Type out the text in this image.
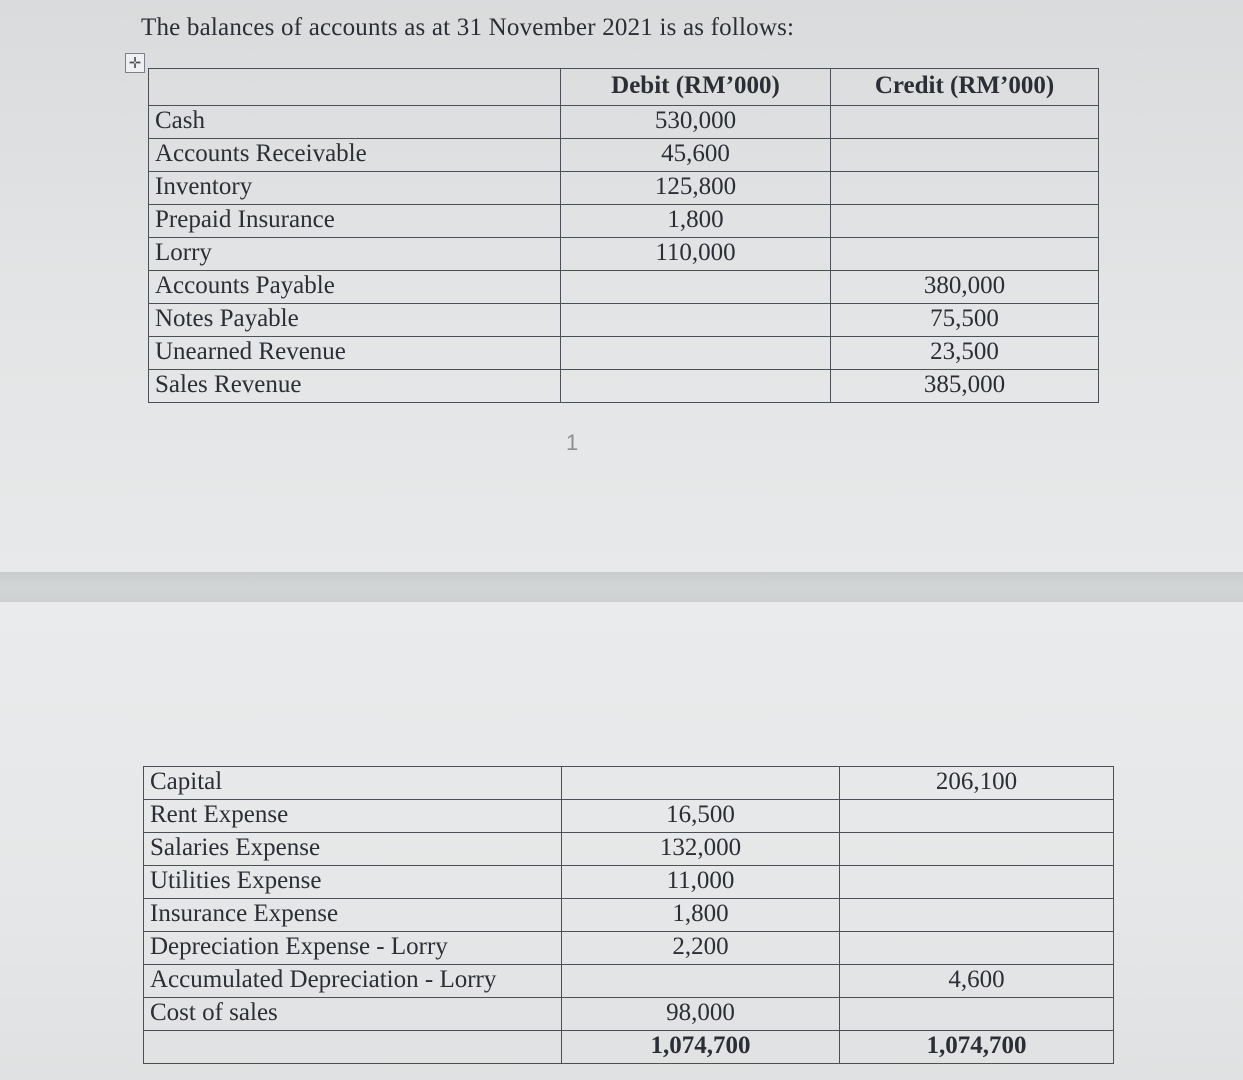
The balances of accounts as at 31 November 2021 is as follows:
✛
	Debit (RM’000)	Credit (RM’000)
Cash	530,000	
Accounts Receivable	45,600	
Inventory	125,800	
Prepaid Insurance	1,800	
Lorry	110,000	
Accounts Payable		380,000
Notes Payable		75,500
Unearned Revenue		23,500
Sales Revenue		385,000
1
Capital		206,100
Rent Expense	16,500	
Salaries Expense	132,000	
Utilities Expense	11,000	
Insurance Expense	1,800	
Depreciation Expense - Lorry	2,200	
Accumulated Depreciation - Lorry		4,600
Cost of sales	98,000	
	1,074,700	1,074,700
